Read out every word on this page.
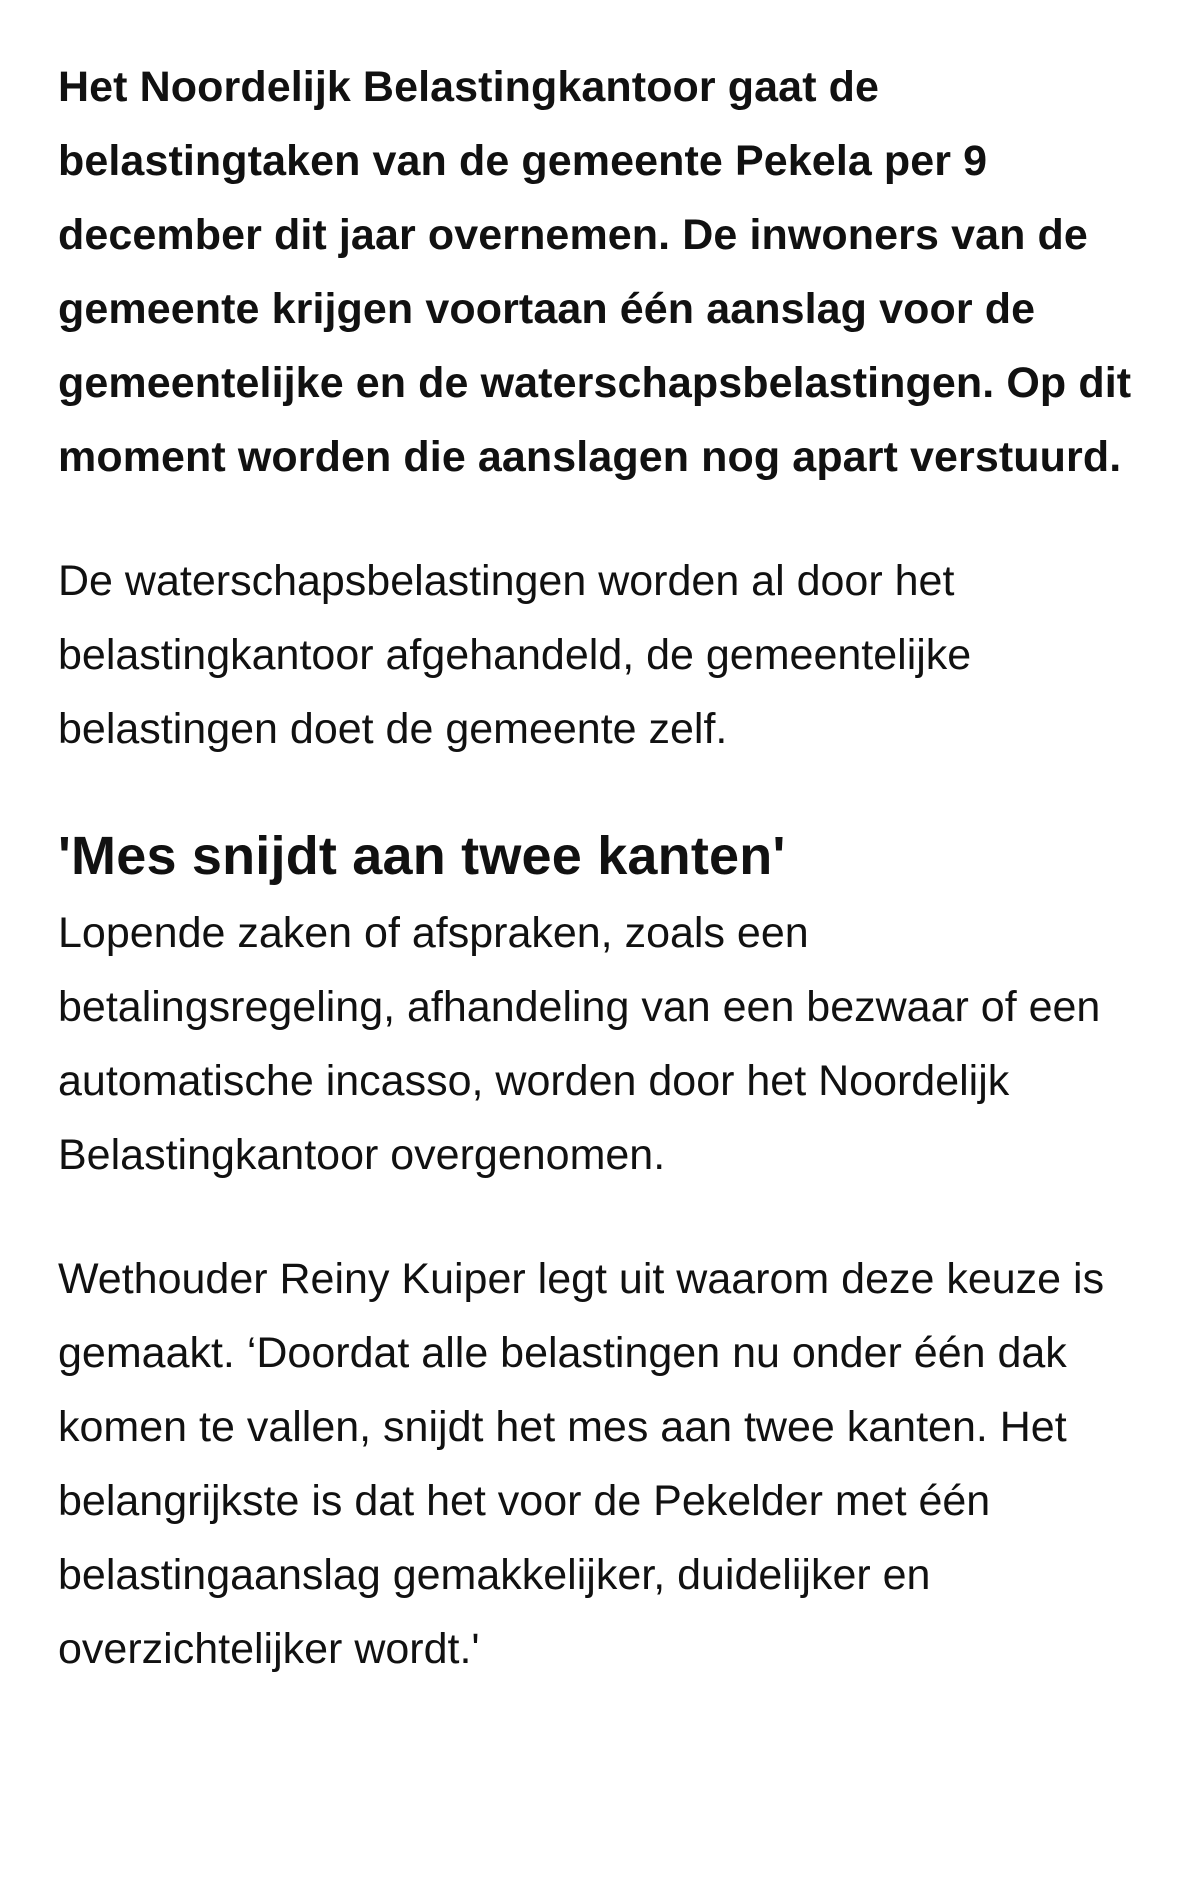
Het Noordelijk Belastingkantoor gaat de belastingtaken van de gemeente Pekela per 9 december dit jaar overnemen. De inwoners van de gemeente krijgen voortaan één aanslag voor de gemeentelijke en de waterschapsbelastingen. Op dit moment worden die aanslagen nog apart verstuurd.

De waterschapsbelastingen worden al door het belastingkantoor afgehandeld, de gemeentelijke belastingen doet de gemeente zelf.

'Mes snijdt aan twee kanten'

Lopende zaken of afspraken, zoals een betalingsregeling, afhandeling van een bezwaar of een automatische incasso, worden door het Noordelijk Belastingkantoor overgenomen.

Wethouder Reiny Kuiper legt uit waarom deze keuze is gemaakt. ‘Doordat alle belastingen nu onder één dak komen te vallen, snijdt het mes aan twee kanten. Het belangrijkste is dat het voor de Pekelder met één belastingaanslag gemakkelijker, duidelijker en overzichtelijker wordt.'
